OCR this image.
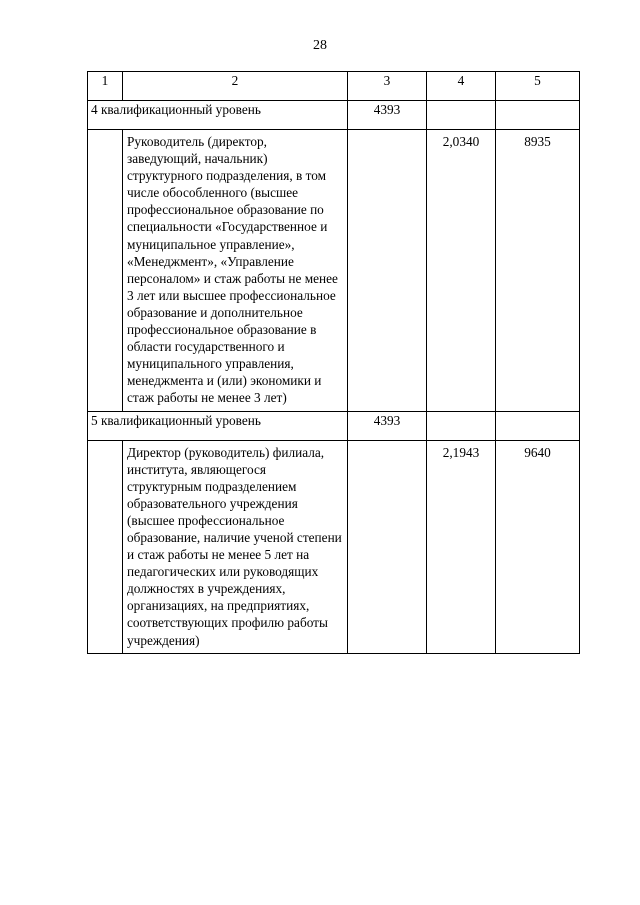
28
1	2	3	4	5
4 квалификационный уровень		4393		
	Руководитель (директор, заведующий, начальник) структурного подразделения, в том числе обособленного (высшее профессиональное образование по специальности «Государственное и муниципальное управление», «Менеджмент», «Управление персоналом» и стаж работы не менее 3 лет или высшее профессиональное образование и дополнительное профессиональное образование в области государственного и муниципального управления, менеджмента и (или) экономики и стаж работы не менее 3 лет)		2,0340	8935
5 квалификационный уровень		4393		
	Директор (руководитель) филиала, института, являющегося структурным подразделением образовательного учреждения (высшее профессиональное образование, наличие ученой степени и стаж работы не менее 5 лет на педагогических или руководящих должностях в учреждениях, организациях, на предприятиях, соответствующих профилю работы учреждения)		2,1943	9640
